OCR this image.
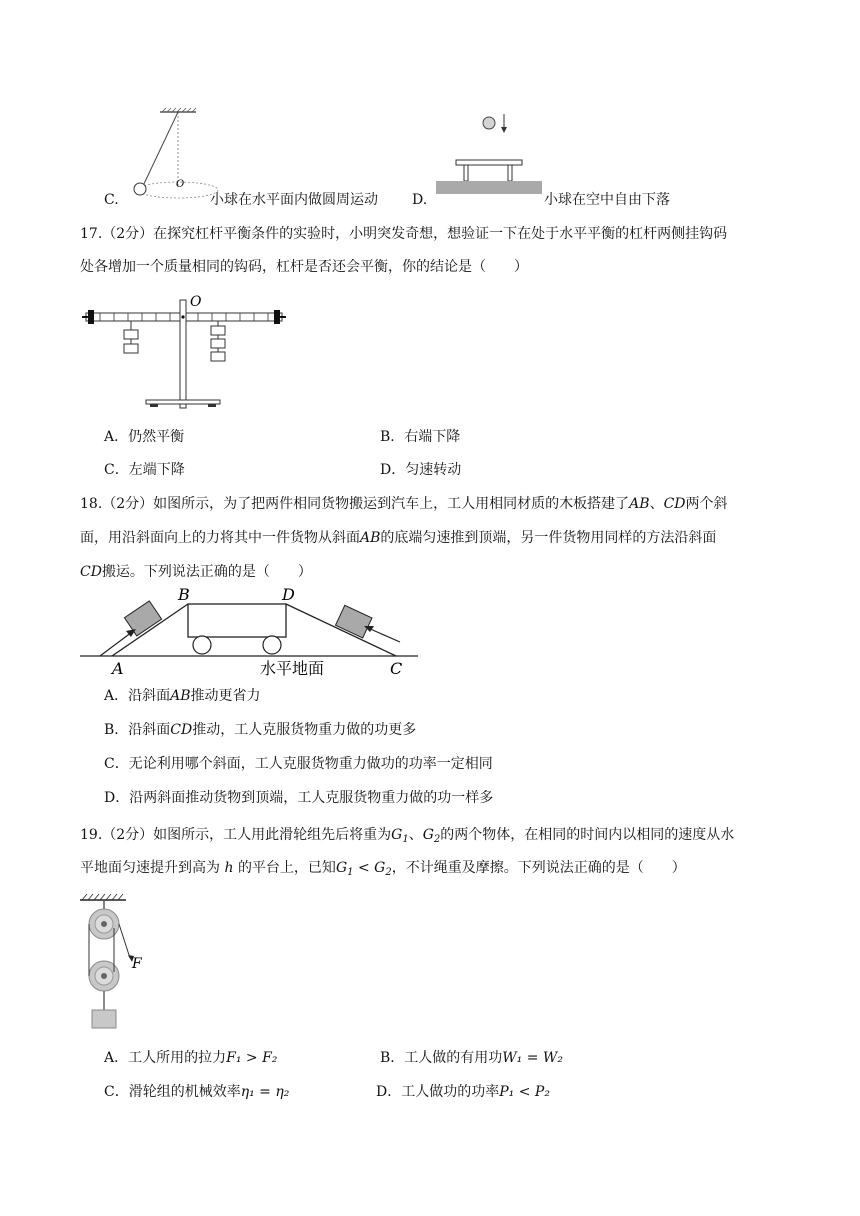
O
C.	小球在水平面内做圆周运动 D.	小球在空中自由下落
17.（2分）在探究杠杆平衡条件的实验时，小明突发奇想，想验证一下在处于水平平衡的杠杆两侧挂钩码
处各增加一个质量相同的钩码，杠杆是否还会平衡，你的结论是（　　）
O
A．仍然平衡	B．右端下降
C．左端下降	D．匀速转动
18.（2分）如图所示，为了把两件相同货物搬运到汽车上，工人用相同材质的木板搭建了AB、CD两个斜
面，用沿斜面向上的力将其中一件货物从斜面AB的底端匀速推到顶端，另一件货物用同样的方法沿斜面
CD搬运。下列说法正确的是（　　）
A
B	D
C
水平地面
A．沿斜面AB推动更省力
B．沿斜面CD推动，工人克服货物重力做的功更多
C．无论利用哪个斜面，工人克服货物重力做功的功率一定相同
D．沿两斜面推动货物到顶端，工人克服货物重力做的功一样多
19.（2分）如图所示，工人用此滑轮组先后将重为$G_1$、$G_2$的两个物体，在相同的时间内以相同的速度从水
平地面匀速提升到高为 h 的平台上，已知$G_1 < G_2$，不计绳重及摩擦。下列说法正确的是（　　）
F
A．工人所用的拉力F₁ > F₂	B．工人做的有用功W₁ = W₂
C．滑轮组的机械效率η₁ = η₂	D．工人做功的功率P₁ < P₂
